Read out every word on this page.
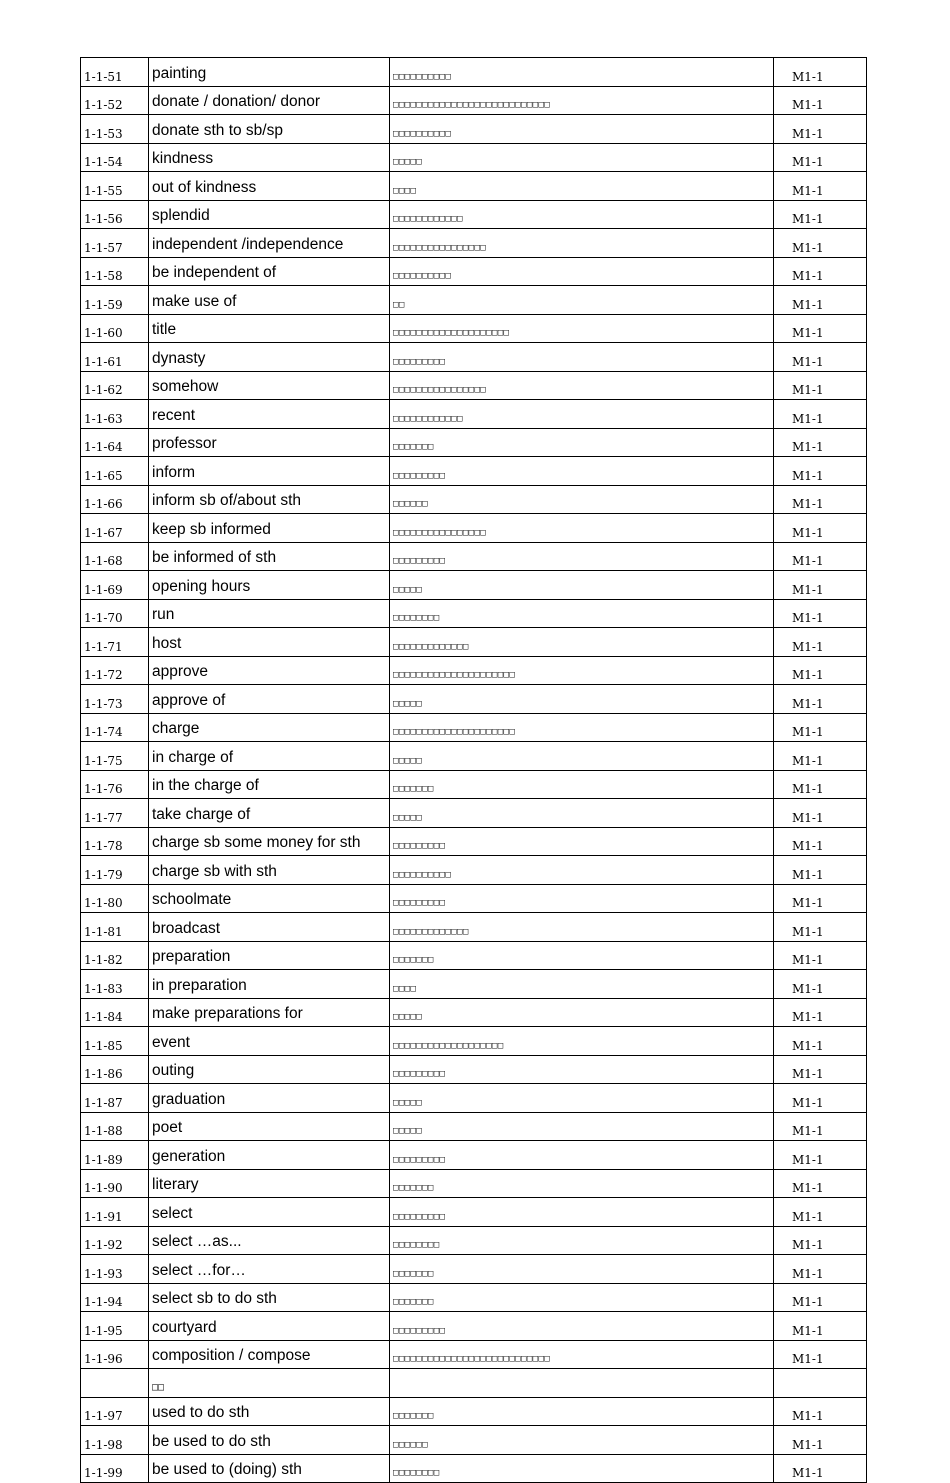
1-1-51	painting	□□□□□□□□□□	M1-1
1-1-52	donate / donation/ donor	□□□□□□□□□□□□□□□□□□□□□□□□□□□	M1-1
1-1-53	donate sth to sb/sp	□□□□□□□□□□	M1-1
1-1-54	kindness	□□□□□	M1-1
1-1-55	out of kindness	□□□□	M1-1
1-1-56	splendid	□□□□□□□□□□□□	M1-1
1-1-57	independent /independence	□□□□□□□□□□□□□□□□	M1-1
1-1-58	be independent of	□□□□□□□□□□	M1-1
1-1-59	make use of	□□	M1-1
1-1-60	title	□□□□□□□□□□□□□□□□□□□□	M1-1
1-1-61	dynasty	□□□□□□□□□	M1-1
1-1-62	somehow	□□□□□□□□□□□□□□□□	M1-1
1-1-63	recent	□□□□□□□□□□□□	M1-1
1-1-64	professor	□□□□□□□	M1-1
1-1-65	inform	□□□□□□□□□	M1-1
1-1-66	inform sb of/about sth	□□□□□□	M1-1
1-1-67	keep sb informed	□□□□□□□□□□□□□□□□	M1-1
1-1-68	be informed of sth	□□□□□□□□□	M1-1
1-1-69	opening hours	□□□□□	M1-1
1-1-70	run	□□□□□□□□	M1-1
1-1-71	host	□□□□□□□□□□□□□	M1-1
1-1-72	approve	□□□□□□□□□□□□□□□□□□□□□	M1-1
1-1-73	approve of	□□□□□	M1-1
1-1-74	charge	□□□□□□□□□□□□□□□□□□□□□	M1-1
1-1-75	in charge of	□□□□□	M1-1
1-1-76	in the charge of	□□□□□□□	M1-1
1-1-77	take charge of	□□□□□	M1-1
1-1-78	charge sb some money for sth	□□□□□□□□□	M1-1
1-1-79	charge sb with sth	□□□□□□□□□□	M1-1
1-1-80	schoolmate	□□□□□□□□□	M1-1
1-1-81	broadcast	□□□□□□□□□□□□□	M1-1
1-1-82	preparation	□□□□□□□	M1-1
1-1-83	in preparation	□□□□	M1-1
1-1-84	make preparations for	□□□□□	M1-1
1-1-85	event	□□□□□□□□□□□□□□□□□□□	M1-1
1-1-86	outing	□□□□□□□□□	M1-1
1-1-87	graduation	□□□□□	M1-1
1-1-88	poet	□□□□□	M1-1
1-1-89	generation	□□□□□□□□□	M1-1
1-1-90	literary	□□□□□□□	M1-1
1-1-91	select	□□□□□□□□□	M1-1
1-1-92	select …as...	□□□□□□□□	M1-1
1-1-93	select …for…	□□□□□□□	M1-1
1-1-94	select sb to do sth	□□□□□□□	M1-1
1-1-95	courtyard	□□□□□□□□□	M1-1
1-1-96	composition / compose	□□□□□□□□□□□□□□□□□□□□□□□□□□□	M1-1
	□□		
1-1-97	used to do sth	□□□□□□□	M1-1
1-1-98	be used to do sth	□□□□□□	M1-1
1-1-99	be used to (doing) sth	□□□□□□□□	M1-1
